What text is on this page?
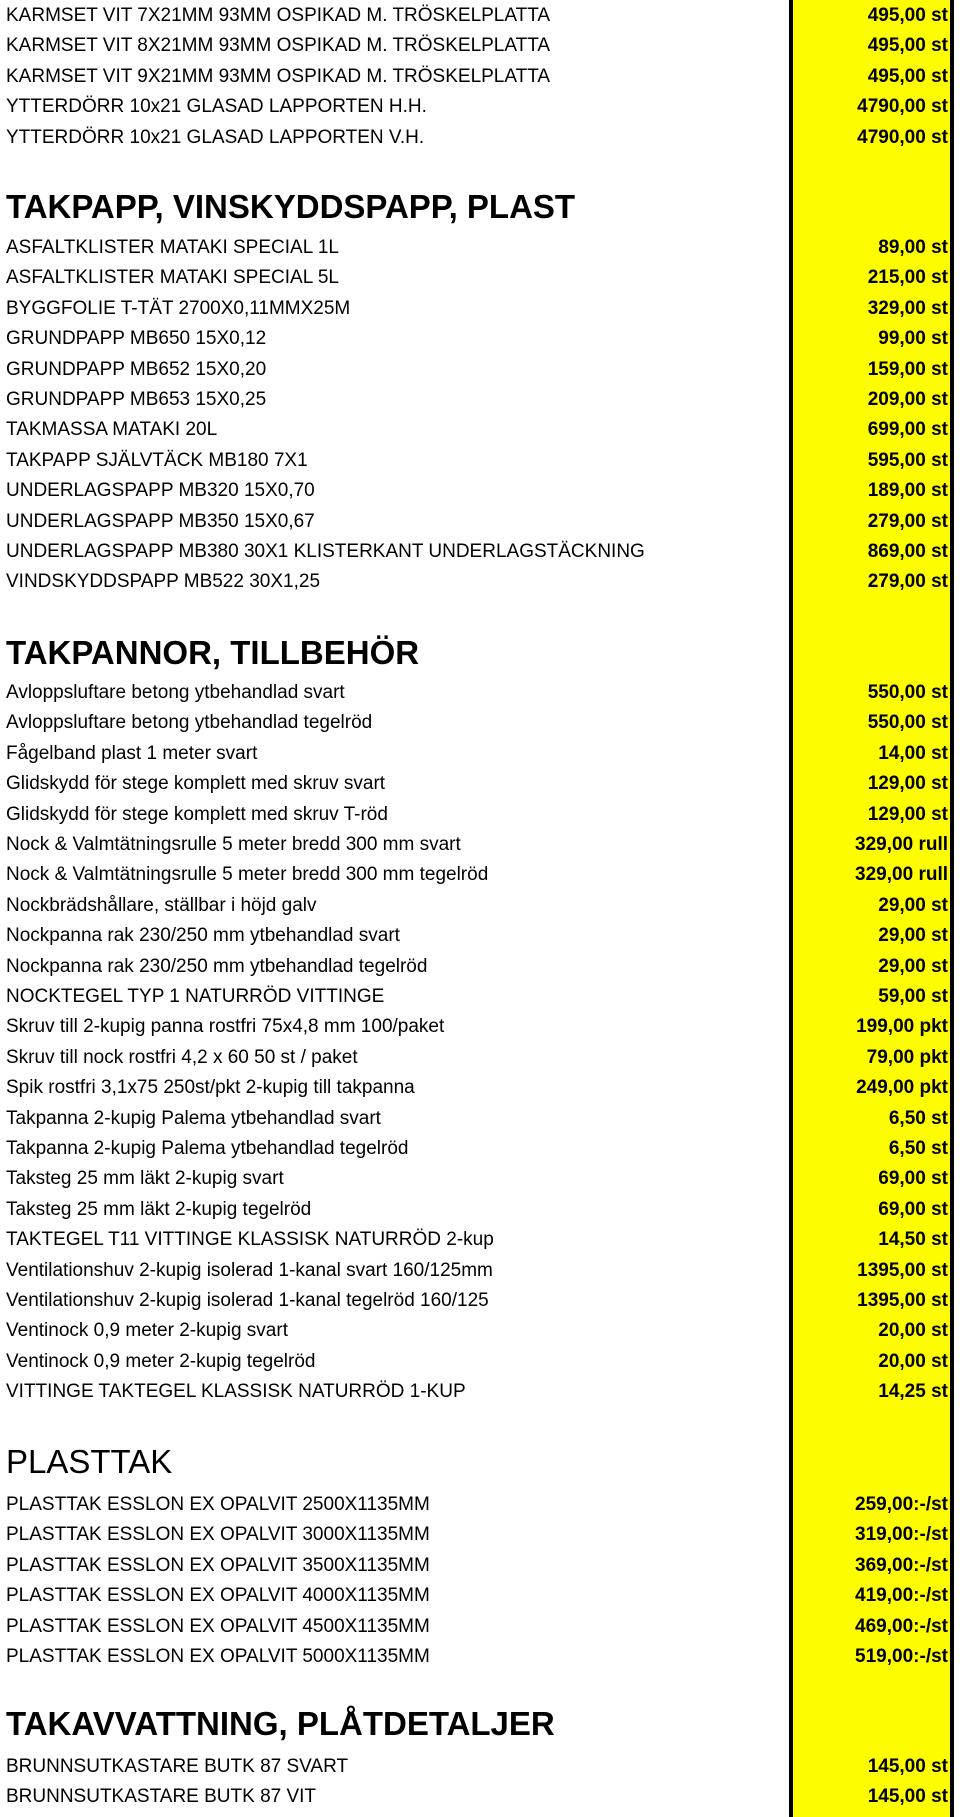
KARMSET VIT 7X21MM 93MM OSPIKAD M. TRÖSKELPLATTA	495,00 st
KARMSET VIT 8X21MM 93MM OSPIKAD M. TRÖSKELPLATTA	495,00 st
KARMSET VIT 9X21MM 93MM OSPIKAD M. TRÖSKELPLATTA	495,00 st
YTTERDÖRR 10x21 GLASAD LAPPORTEN H.H.	4790,00 st
YTTERDÖRR 10x21 GLASAD LAPPORTEN V.H.	4790,00 st
TAKPAPP, VINSKYDDSPAPP, PLAST
ASFALTKLISTER MATAKI SPECIAL 1L	89,00 st
ASFALTKLISTER MATAKI SPECIAL 5L	215,00 st
BYGGFOLIE T-TÄT 2700X0,11MMX25M	329,00 st
GRUNDPAPP MB650 15X0,12	99,00 st
GRUNDPAPP MB652 15X0,20	159,00 st
GRUNDPAPP MB653 15X0,25	209,00 st
TAKMASSA MATAKI 20L	699,00 st
TAKPAPP SJÄLVTÄCK MB180 7X1	595,00 st
UNDERLAGSPAPP MB320 15X0,70	189,00 st
UNDERLAGSPAPP MB350 15X0,67	279,00 st
UNDERLAGSPAPP MB380 30X1 KLISTERKANT UNDERLAGSTÄCKNING	869,00 st
VINDSKYDDSPAPP MB522 30X1,25	279,00 st
TAKPANNOR, TILLBEHÖR
Avloppsluftare betong ytbehandlad svart	550,00 st
Avloppsluftare betong ytbehandlad tegelröd	550,00 st
Fågelband plast 1 meter svart	14,00 st
Glidskydd för stege komplett med skruv svart	129,00 st
Glidskydd för stege komplett med skruv T-röd	129,00 st
Nock & Valmtätningsrulle 5 meter bredd 300 mm svart	329,00 rull
Nock & Valmtätningsrulle 5 meter bredd 300 mm tegelröd	329,00 rull
Nockbrädshållare, ställbar i höjd galv	29,00 st
Nockpanna rak 230/250 mm ytbehandlad svart	29,00 st
Nockpanna rak 230/250 mm ytbehandlad tegelröd	29,00 st
NOCKTEGEL TYP 1 NATURRÖD VITTINGE	59,00 st
Skruv till 2-kupig panna rostfri 75x4,8 mm 100/paket	199,00 pkt
Skruv till nock rostfri 4,2 x 60 50 st / paket	79,00 pkt
Spik rostfri 3,1x75 250st/pkt 2-kupig till takpanna	249,00 pkt
Takpanna 2-kupig Palema ytbehandlad svart	6,50 st
Takpanna 2-kupig Palema ytbehandlad tegelröd	6,50 st
Taksteg 25 mm läkt 2-kupig svart	69,00 st
Taksteg 25 mm läkt 2-kupig tegelröd	69,00 st
TAKTEGEL T11 VITTINGE KLASSISK NATURRÖD 2-kup	14,50 st
Ventilationshuv 2-kupig isolerad 1-kanal svart 160/125mm	1395,00 st
Ventilationshuv 2-kupig isolerad 1-kanal tegelröd 160/125	1395,00 st
Ventinock 0,9 meter 2-kupig svart	20,00 st
Ventinock 0,9 meter 2-kupig tegelröd	20,00 st
VITTINGE TAKTEGEL KLASSISK NATURRÖD 1-KUP	14,25 st
PLASTTAK
PLASTTAK ESSLON EX OPALVIT 2500X1135MM	259,00:-/st
PLASTTAK ESSLON EX OPALVIT 3000X1135MM	319,00:-/st
PLASTTAK ESSLON EX OPALVIT 3500X1135MM	369,00:-/st
PLASTTAK ESSLON EX OPALVIT 4000X1135MM	419,00:-/st
PLASTTAK ESSLON EX OPALVIT 4500X1135MM	469,00:-/st
PLASTTAK ESSLON EX OPALVIT 5000X1135MM	519,00:-/st
TAKAVVATTNING, PLÅTDETALJER
BRUNNSUTKASTARE BUTK 87 SVART	145,00 st
BRUNNSUTKASTARE BUTK 87 VIT	145,00 st
